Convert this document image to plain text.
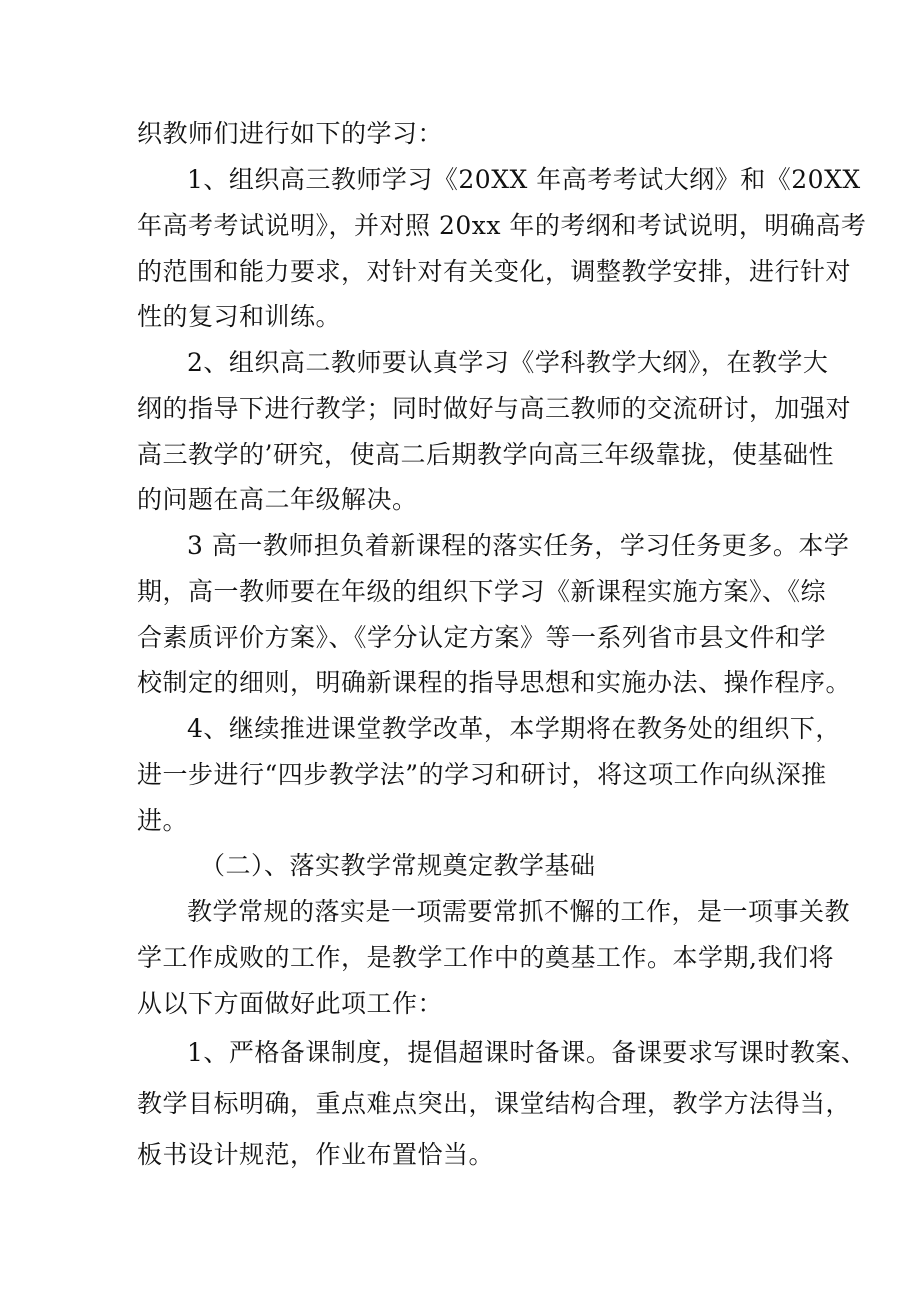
织教师们进行如下的学习：
1、组织高三教师学习《20XX 年高考考试大纲》和《20XX
年高考考试说明》，并对照 20xx 年的考纲和考试说明，明确高考
的范围和能力要求，对针对有关变化，调整教学安排，进行针对
性的复习和训练。
2、组织高二教师要认真学习《学科教学大纲》，在教学大
纲的指导下进行教学；同时做好与高三教师的交流研讨，加强对
高三教学的’研究，使高二后期教学向高三年级靠拢，使基础性
的问题在高二年级解决。
3 高一教师担负着新课程的落实任务，学习任务更多。本学
期，高一教师要在年级的组织下学习《新课程实施方案》、《综
合素质评价方案》、《学分认定方案》等一系列省市县文件和学
校制定的细则，明确新课程的指导思想和实施办法、操作程序。
4、继续推进课堂教学改革，本学期将在教务处的组织下，
进一步进行“四步教学法”的学习和研讨，将这项工作向纵深推
进。
（二）、落实教学常规奠定教学基础
教学常规的落实是一项需要常抓不懈的工作，是一项事关教
学工作成败的工作，是教学工作中的奠基工作。本学期,我们将
从以下方面做好此项工作：
1、严格备课制度，提倡超课时备课。备课要求写课时教案、
教学目标明确，重点难点突出，课堂结构合理，教学方法得当，
板书设计规范，作业布置恰当。
